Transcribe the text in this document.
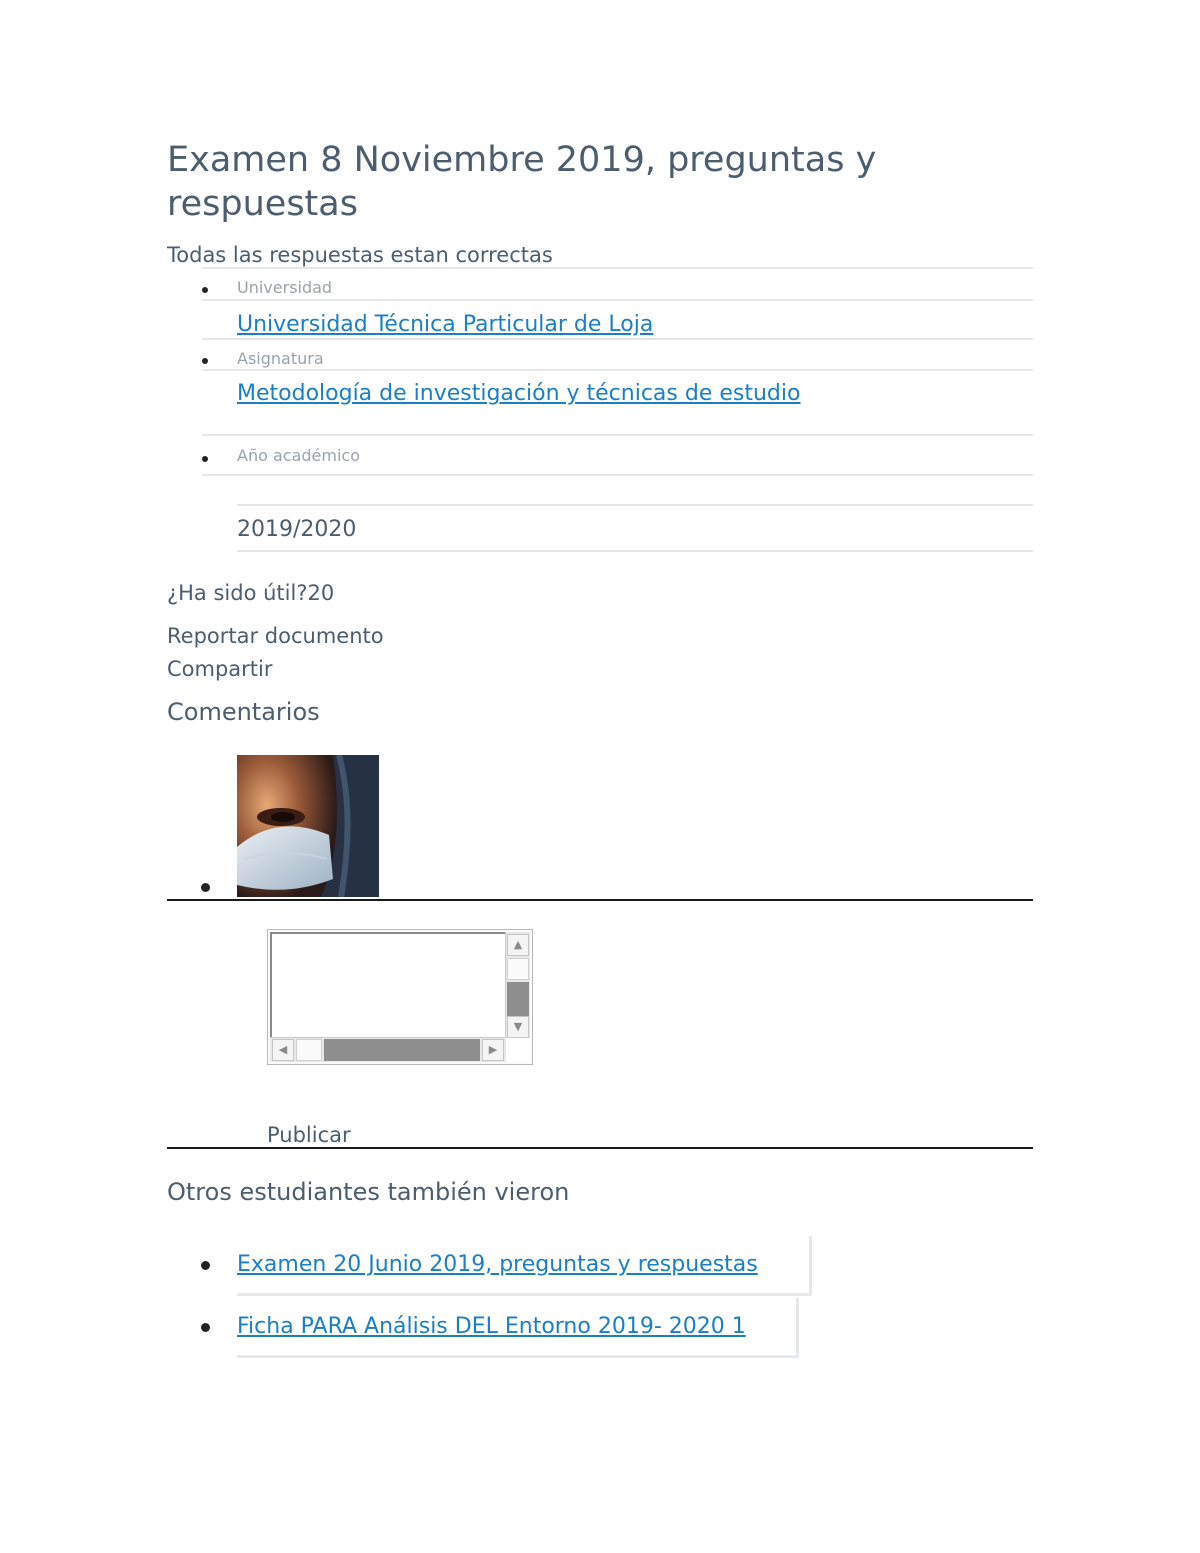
Examen 8 Noviembre 2019, preguntas y respuestas
Todas las respuestas estan correctas
Universidad
Universidad Técnica Particular de Loja
Asignatura
Metodología de investigación y técnicas de estudio
Año académico
2019/2020
¿Ha sido útil?20
Reportar documento
Compartir
Comentarios
▲
▼
◀	▶
Publicar
Otros estudiantes también vieron
Examen 20 Junio 2019, preguntas y respuestas
Ficha PARA Análisis DEL Entorno 2019- 2020 1
